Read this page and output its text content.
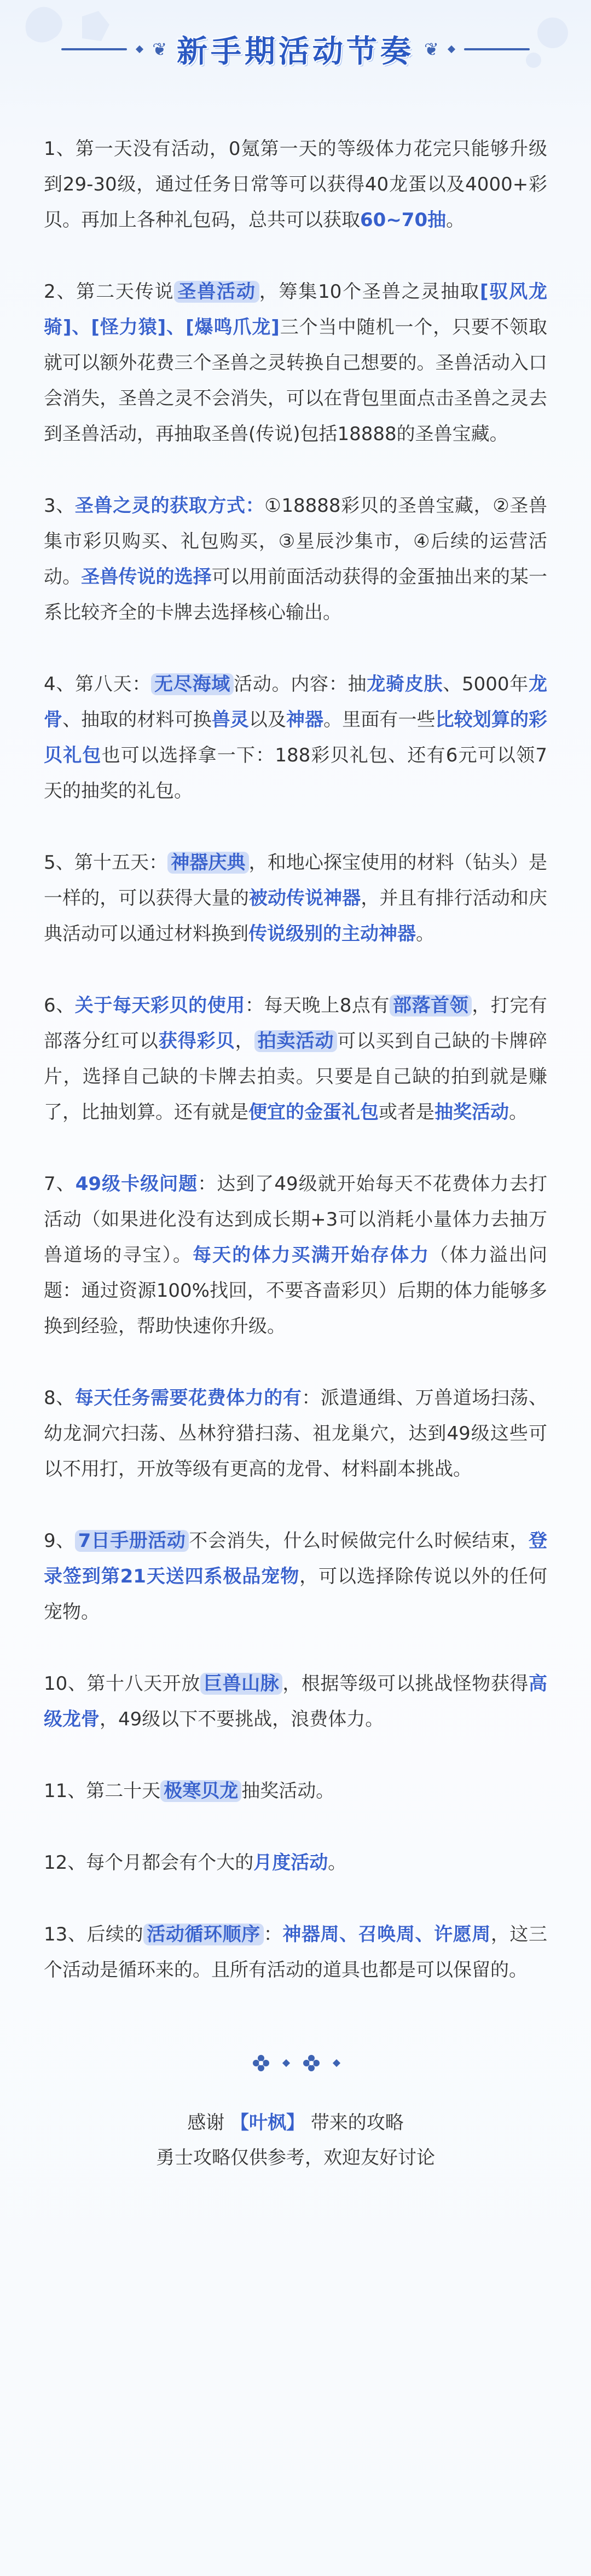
❦ 新手期活动节奏 ❦

1、第一天没有活动，0氪第一天的等级体力花完只能够升级到29-30级，通过任务日常等可以获得40龙蛋以及4000+彩贝。再加上各种礼包码，总共可以获取60~70抽。

2、第二天传说 圣兽活动 ，筹集10个圣兽之灵抽取[驭风龙骑]、[怪力猿]、[爆鸣爪龙]三个当中随机一个，只要不领取就可以额外花费三个圣兽之灵转换自己想要的。圣兽活动入口会消失，圣兽之灵不会消失，可以在背包里面点击圣兽之灵去到圣兽活动，再抽取圣兽(传说)包括18888的圣兽宝藏。

3、圣兽之灵的获取方式：①18888彩贝的圣兽宝藏，②圣兽集市彩贝购买、礼包购买，③星辰沙集市，④后续的运营活动。圣兽传说的选择可以用前面活动获得的金蛋抽出来的某一系比较齐全的卡牌去选择核心输出。

4、第八天： 无尽海域 活动。内容：抽龙骑皮肤、5000年龙骨、抽取的材料可换兽灵以及神器。里面有一些比较划算的彩贝礼包也可以选择拿一下：188彩贝礼包、还有6元可以领7天的抽奖的礼包。

5、第十五天： 神器庆典 ，和地心探宝使用的材料（钻头）是一样的，可以获得大量的被动传说神器，并且有排行活动和庆典活动可以通过材料换到传说级别的主动神器。

6、关于每天彩贝的使用：每天晚上8点有 部落首领 ，打完有部落分红可以获得彩贝， 拍卖活动 可以买到自己缺的卡牌碎片，选择自己缺的卡牌去拍卖。只要是自己缺的拍到就是赚了，比抽划算。还有就是便宜的金蛋礼包或者是抽奖活动。

7、49级卡级问题：达到了49级就开始每天不花费体力去打活动（如果进化没有达到成长期+3可以消耗小量体力去抽万兽道场的寻宝）。每天的体力买满开始存体力（体力溢出问题：通过资源100%找回，不要吝啬彩贝）后期的体力能够多换到经验，帮助快速你升级。

8、每天任务需要花费体力的有：派遣通缉、万兽道场扫荡、幼龙洞穴扫荡、丛林狩猎扫荡、祖龙巢穴，达到49级这些可以不用打，开放等级有更高的龙骨、材料副本挑战。

9、 7日手册活动 不会消失，什么时候做完什么时候结束，登录签到第21天送四系极品宠物，可以选择除传说以外的任何宠物。

10、第十八天开放 巨兽山脉 ，根据等级可以挑战怪物获得高级龙骨，49级以下不要挑战，浪费体力。

11、第二十天 极寒贝龙 抽奖活动。

12、每个月都会有个大的月度活动。

13、后续的 活动循环顺序 ：神器周、召唤周、许愿周，这三个活动是循环来的。且所有活动的道具也都是可以保留的。

感谢 【叶枫】 带来的攻略
勇士攻略仅供参考，欢迎友好讨论
